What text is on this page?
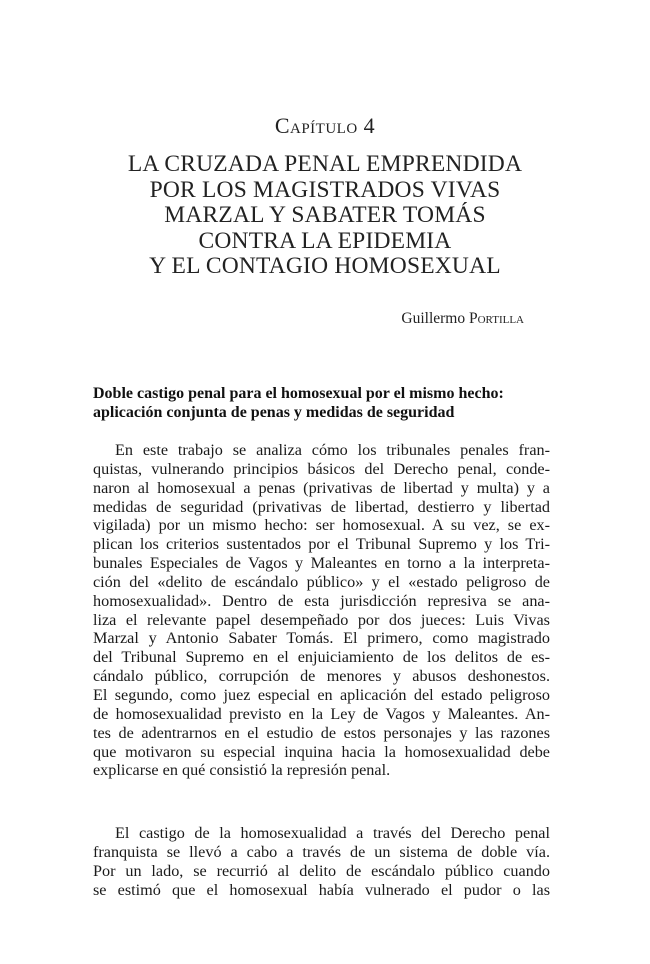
Capítulo 4
LA CRUZADA PENAL EMPRENDIDA
POR LOS MAGISTRADOS VIVAS
MARZAL Y SABATER TOMÁS
CONTRA LA EPIDEMIA
Y EL CONTAGIO HOMOSEXUAL
Guillermo Portilla
Doble castigo penal para el homosexual por el mismo hecho:
aplicación conjunta de penas y medidas de seguridad
En este trabajo se analiza cómo los tribunales penales fran-
quistas, vulnerando principios básicos del Derecho penal, conde-
naron al homosexual a penas (privativas de libertad y multa) y a
medidas de seguridad (privativas de libertad, destierro y libertad
vigilada) por un mismo hecho: ser homosexual. A su vez, se ex-
plican los criterios sustentados por el Tribunal Supremo y los Tri-
bunales Especiales de Vagos y Maleantes en torno a la interpreta-
ción del «delito de escándalo público» y el «estado peligroso de
homosexualidad». Dentro de esta jurisdicción represiva se ana-
liza el relevante papel desempeñado por dos jueces: Luis Vivas
Marzal y Antonio Sabater Tomás. El primero, como magistrado
del Tribunal Supremo en el enjuiciamiento de los delitos de es-
cándalo público, corrupción de menores y abusos deshonestos.
El segundo, como juez especial en aplicación del estado peligroso
de homosexualidad previsto en la Ley de Vagos y Maleantes. An-
tes de adentrarnos en el estudio de estos personajes y las razones
que motivaron su especial inquina hacia la homosexualidad debe
explicarse en qué consistió la represión penal.
El castigo de la homosexualidad a través del Derecho penal
franquista se llevó a cabo a través de un sistema de doble vía.
Por un lado, se recurrió al delito de escándalo público cuando
se estimó que el homosexual había vulnerado el pudor o las
